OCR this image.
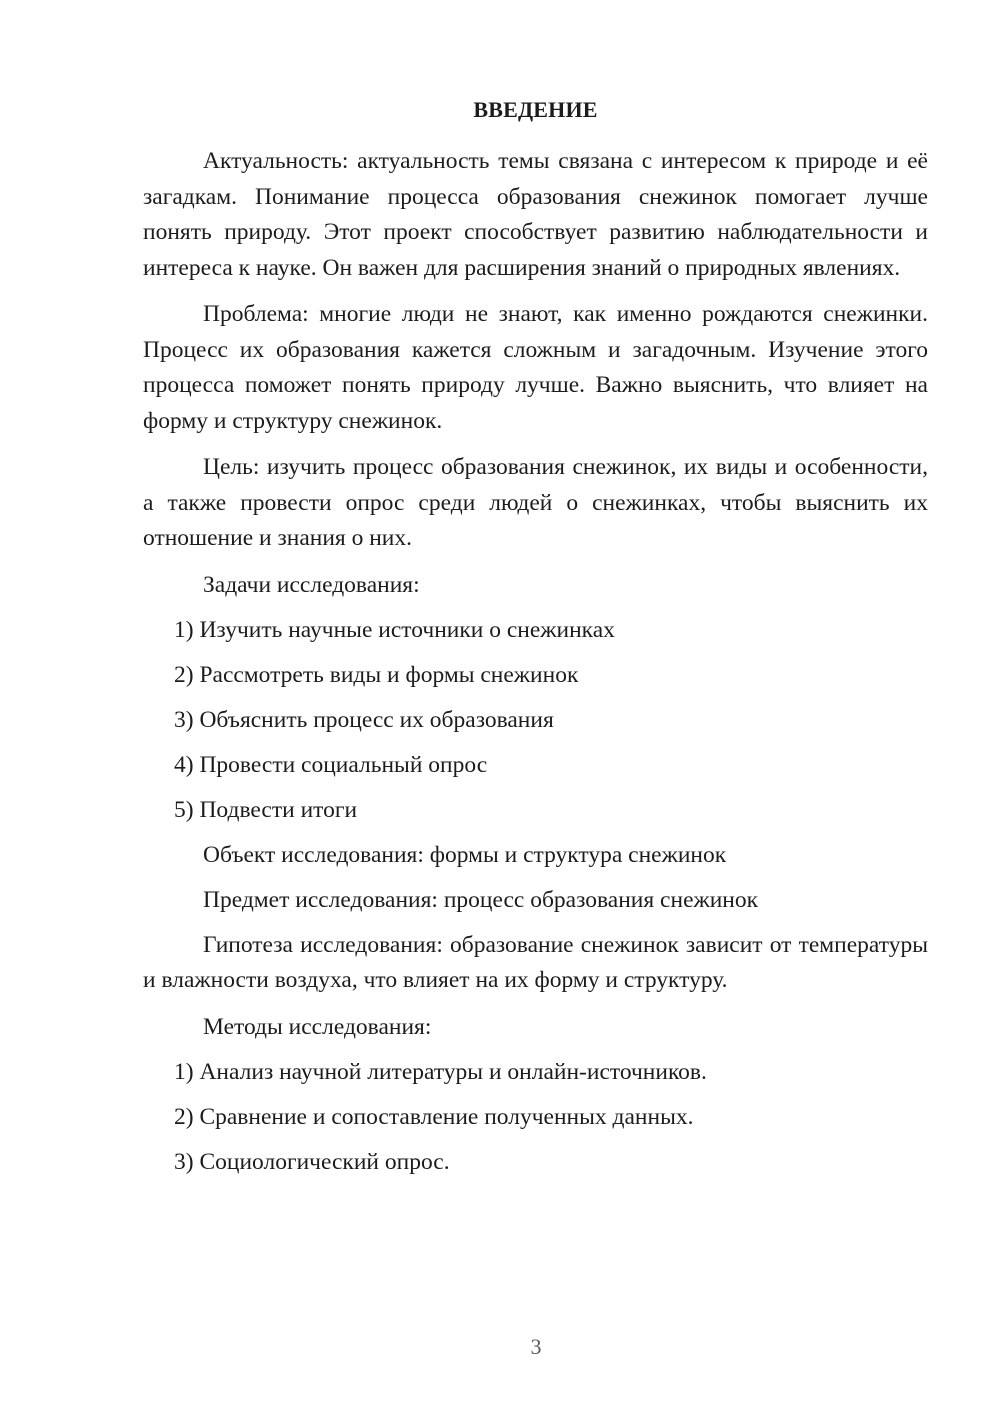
ВВЕДЕНИЕ

Актуальность: актуальность темы связана с интересом к природе и её загадкам. Понимание процесса образования снежинок помогает лучше понять природу. Этот проект способствует развитию наблюдательности и интереса к науке. Он важен для расширения знаний о природных явлениях.

Проблема: многие люди не знают, как именно рождаются снежинки. Процесс их образования кажется сложным и загадочным. Изучение этого процесса поможет понять природу лучше. Важно выяснить, что влияет на форму и структуру снежинок.

Цель: изучить процесс образования снежинок, их виды и особенности, а также провести опрос среди людей о снежинках, чтобы выяснить их отношение и знания о них.

Задачи исследования:
1) Изучить научные источники о снежинках
2) Рассмотреть виды и формы снежинок
3) Объяснить процесс их образования
4) Провести социальный опрос
5) Подвести итоги
Объект исследования: формы и структура снежинок
Предмет исследования: процесс образования снежинок

Гипотеза исследования: образование снежинок зависит от температуры и влажности воздуха, что влияет на их форму и структуру.

Методы исследования:
1) Анализ научной литературы и онлайн-источников.
2) Сравнение и сопоставление полученных данных.
3) Социологический опрос.
3
